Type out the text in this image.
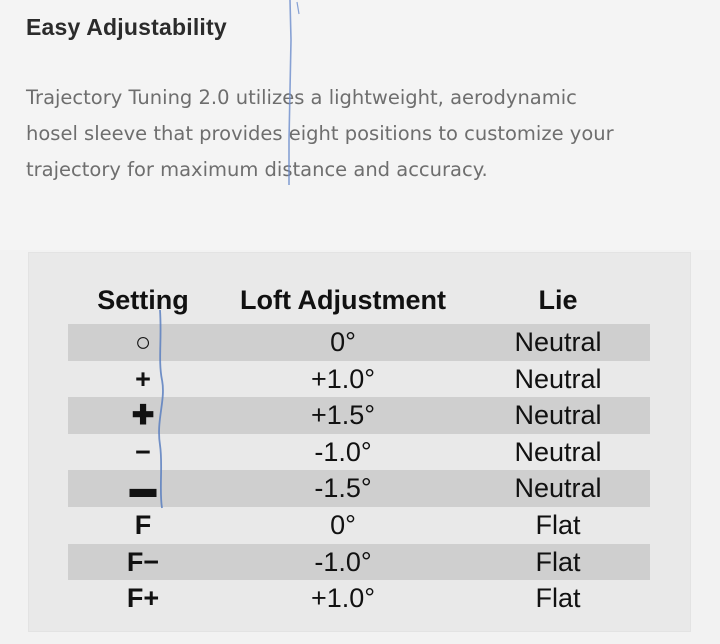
Easy Adjustability
Trajectory Tuning 2.0 utilizes a lightweight, aerodynamic
hosel sleeve that provides eight positions to customize your
trajectory for maximum distance and accuracy.
Setting	Loft Adjustment	Lie
○	0°	Neutral
+	+1.0°	Neutral
✚	+1.5°	Neutral
−	-1.0°	Neutral
▬	-1.5°	Neutral
F	0°	Flat
F−	-1.0°	Flat
F+	+1.0°	Flat
